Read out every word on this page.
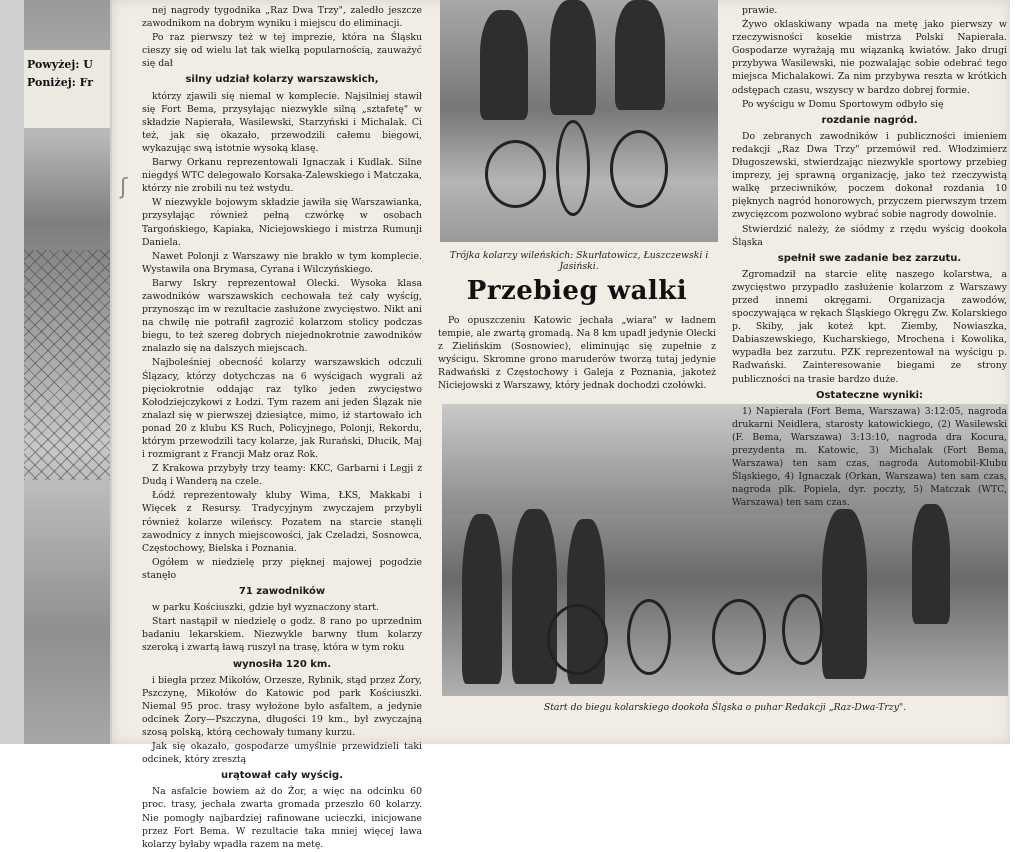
Powyżej: U
Poniżej: Fr
ʃ

nej nagrody tygodnika „Raz Dwa Trzy", zaledło jeszcze zawodnikom na dobrym wyniku i miejscu do eliminacji.

Po raz pierwszy też w tej imprezie, która na Śląsku cieszy się od wielu lat tak wielką popularnością, zauważyć się dał

silny udział kolarzy warszawskich,

którzy zjawili się niemal w komplecie. Najsilniej stawił się Fort Bema, przysyłając niezwykle silną „sztafetę" w składzie Napierała, Wasilewski, Starzyński i Michalak. Ci też, jak się okazało, przewodzili całemu biegowi, wykazując swą istotnie wysoką klasę.

Barwy Orkanu reprezentowali Ignaczak i Kudlak. Silne niegdyś WTC delegowało Korsaka-Zalewskiego i Matczaka, którzy nie zrobili nu też wstydu.

W niezwykle bojowym składzie jawiła się Warszawianka, przysyłając również pełną czwórkę w osobach Targońskiego, Kapiaka, Niciejowskiego i mistrza Rumunji Daniela.

Nawet Polonji z Warszawy nie brakło w tym komplecie. Wystawiła ona Brymasa, Cyrana i Wilczyńskiego.

Barwy Iskry reprezentował Olecki. Wysoka klasa zawodników warszawskich cechowała też cały wyścig, przynosząc im w rezultacie zasłużone zwycięstwo. Nikt ani na chwilę nie potrafił zagrozić kolarzom stolicy podczas biegu, to też szereg dobrych niejednokrotnie zawodników znalazło się na dalszych miejscach.

Najboleśniej obecność kolarzy warszawskich odczuli Ślązacy, którzy dotychczas na 6 wyścigach wygrali aż pięciokrotnie oddając raz tylko jeden zwycięstwo Kołodziejczykowi z Łodzi. Tym razem ani jeden Ślązak nie znalazł się w pierwszej dziesiątce, mimo, iż startowało ich ponad 20 z klubu KS Ruch, Policyjnego, Polonji, Rekordu, którym przewodzili tacy kolarze, jak Rurański, Dłucik, Maj i rozmigrant z Francji Małz oraz Rok.

Z Krakowa przybyły trzy teamy: KKC, Garbarni i Legji z Dudą i Wanderą na czele.

Łódź reprezentowały kluby Wima, ŁKS, Makkabi i Więcek z Resursy. Tradycyjnym zwyczajem przybyli również kolarze wileńscy. Pozatem na starcie stanęli zawodnicy z innych miejscowości, jak Czeladzi, Sosnowca, Częstochowy, Bielska i Poznania.

Ogółem w niedzielę przy pięknej majowej pogodzie stanęło

71 zawodników

w parku Kościuszki, gdzie był wyznaczony start.

Start nastąpił w niedzielę o godz. 8 rano po uprzednim badaniu lekarskiem. Niezwykle barwny tłum kolarzy szeroką i zwartą ławą ruszył na trasę, która w tym roku

wynosiła 120 km.

i biegła przez Mikołów, Orzesze, Rybnik, stąd przez Żory, Pszczynę, Mikołów do Katowic pod park Kościuszki. Niemal 95 proc. trasy wyłożone było asfaltem, a jedynie odcinek Żory—Pszczyna, długości 19 km., był zwyczajną szosą polską, którą cechowały tumany kurzu.

Jak się okazało, gospodarze umyślnie przewidzieli taki odcinek, który zresztą

urątował cały wyścig.

Na asfalcie bowiem aż do Żor, a więc na odcinku 60 proc. trasy, jechała zwarta gromada przeszło 60 kolarzy. Nie pomogły najbardziej rafinowane ucieczki, inicjowane przez Fort Bema. W rezultacie taka mniej więcej ława kolarzy byłaby wpadła razem na metę.

Trójka kolarzy wileńskich: Skurłatowicz, Łuszczewski i Jasiński.
Przebieg walki

Po opuszczeniu Katowic jechała „wiara" w ładnem tempie, ale zwartą gromadą. Na 8 km upadł jedynie Olecki z Zielińskim (Sosnowiec), eliminując się zupełnie z wyścigu. Skromne grono maruderów tworzą tutaj jedynie Radwański z Częstochowy i Galeja z Poznania, jakoteż Niciejowski z Warszawy, który jednak dochodzi czołówki.

Start do biegu kolarskiego dookoła Śląska o puhar Redakcji „Raz-Dwa-Trzy".

prawie.

Żywo oklaskiwany wpada na metę jako pierwszy w rzeczywisności kosekie mistrza Polski Napierała. Gospodarze wyrażają mu wiązanką kwiatów. Jako drugi przybywa Wasilewski, nie pozwalając sobie odebrać tego miejsca Michalakowi. Za nim przybywa reszta w krótkich odstępach czasu, wszyscy w bardzo dobrej formie.

Po wyścigu w Domu Sportowym odbyło się

rozdanie nagród.

Do zebranych zawodników i publiczności imieniem redakcji „Raz Dwa Trzy" przemówił red. Włodzimierz Długoszewski, stwierdzając niezwykle sportowy przebieg imprezy, jej sprawną organizację, jako też rzeczywistą walkę przeciwników, poczem dokonał rozdania 10 pięknych nagród honorowych, przyczem pierwszym trzem zwycięzcom pozwolono wybrać sobie nagrody dowolnie.

Stwierdzić należy, że siódmy z rzędu wyścig dookoła Śląska

spełnił swe zadanie bez zarzutu.

Zgromadził na starcie elitę naszego kolarstwa, a zwycięstwo przypadło zasłużenie kolarzom z Warszawy przed innemi okręgami. Organizacja zawodów, spoczywająca w rękach Śląskiego Okręgu Zw. Kolarskiego p. Skiby, jak koteż kpt. Ziemby, Nowiaszka, Dabiaszewskiego, Kucharskiego, Mrochena i Kowolika, wypadła bez zarzutu. PZK reprezentował na wyścigu p. Radwański. Zainteresowanie biegami ze strony publiczności na trasie bardzo duże.

Ostateczne wyniki:

1) Napierała (Fort Bema, Warszawa) 3:12:05, nagroda drukarni Neidlera, starosty katowickiego, (2) Wasilewski (F. Bema, Warszawa) 3:13:10, nagroda dra Kocura, prezydenta m. Katowic, 3) Michalak (Fort Bema, Warszawa) ten sam czas, nagroda Automobil-Klubu Śląskiego, 4) Ignaczak (Orkan, Warszawa) ten sam czas, nagroda plk. Popiela, dyr. poczty, 5) Matczak (WTC, Warszawa) ten sam czas.
